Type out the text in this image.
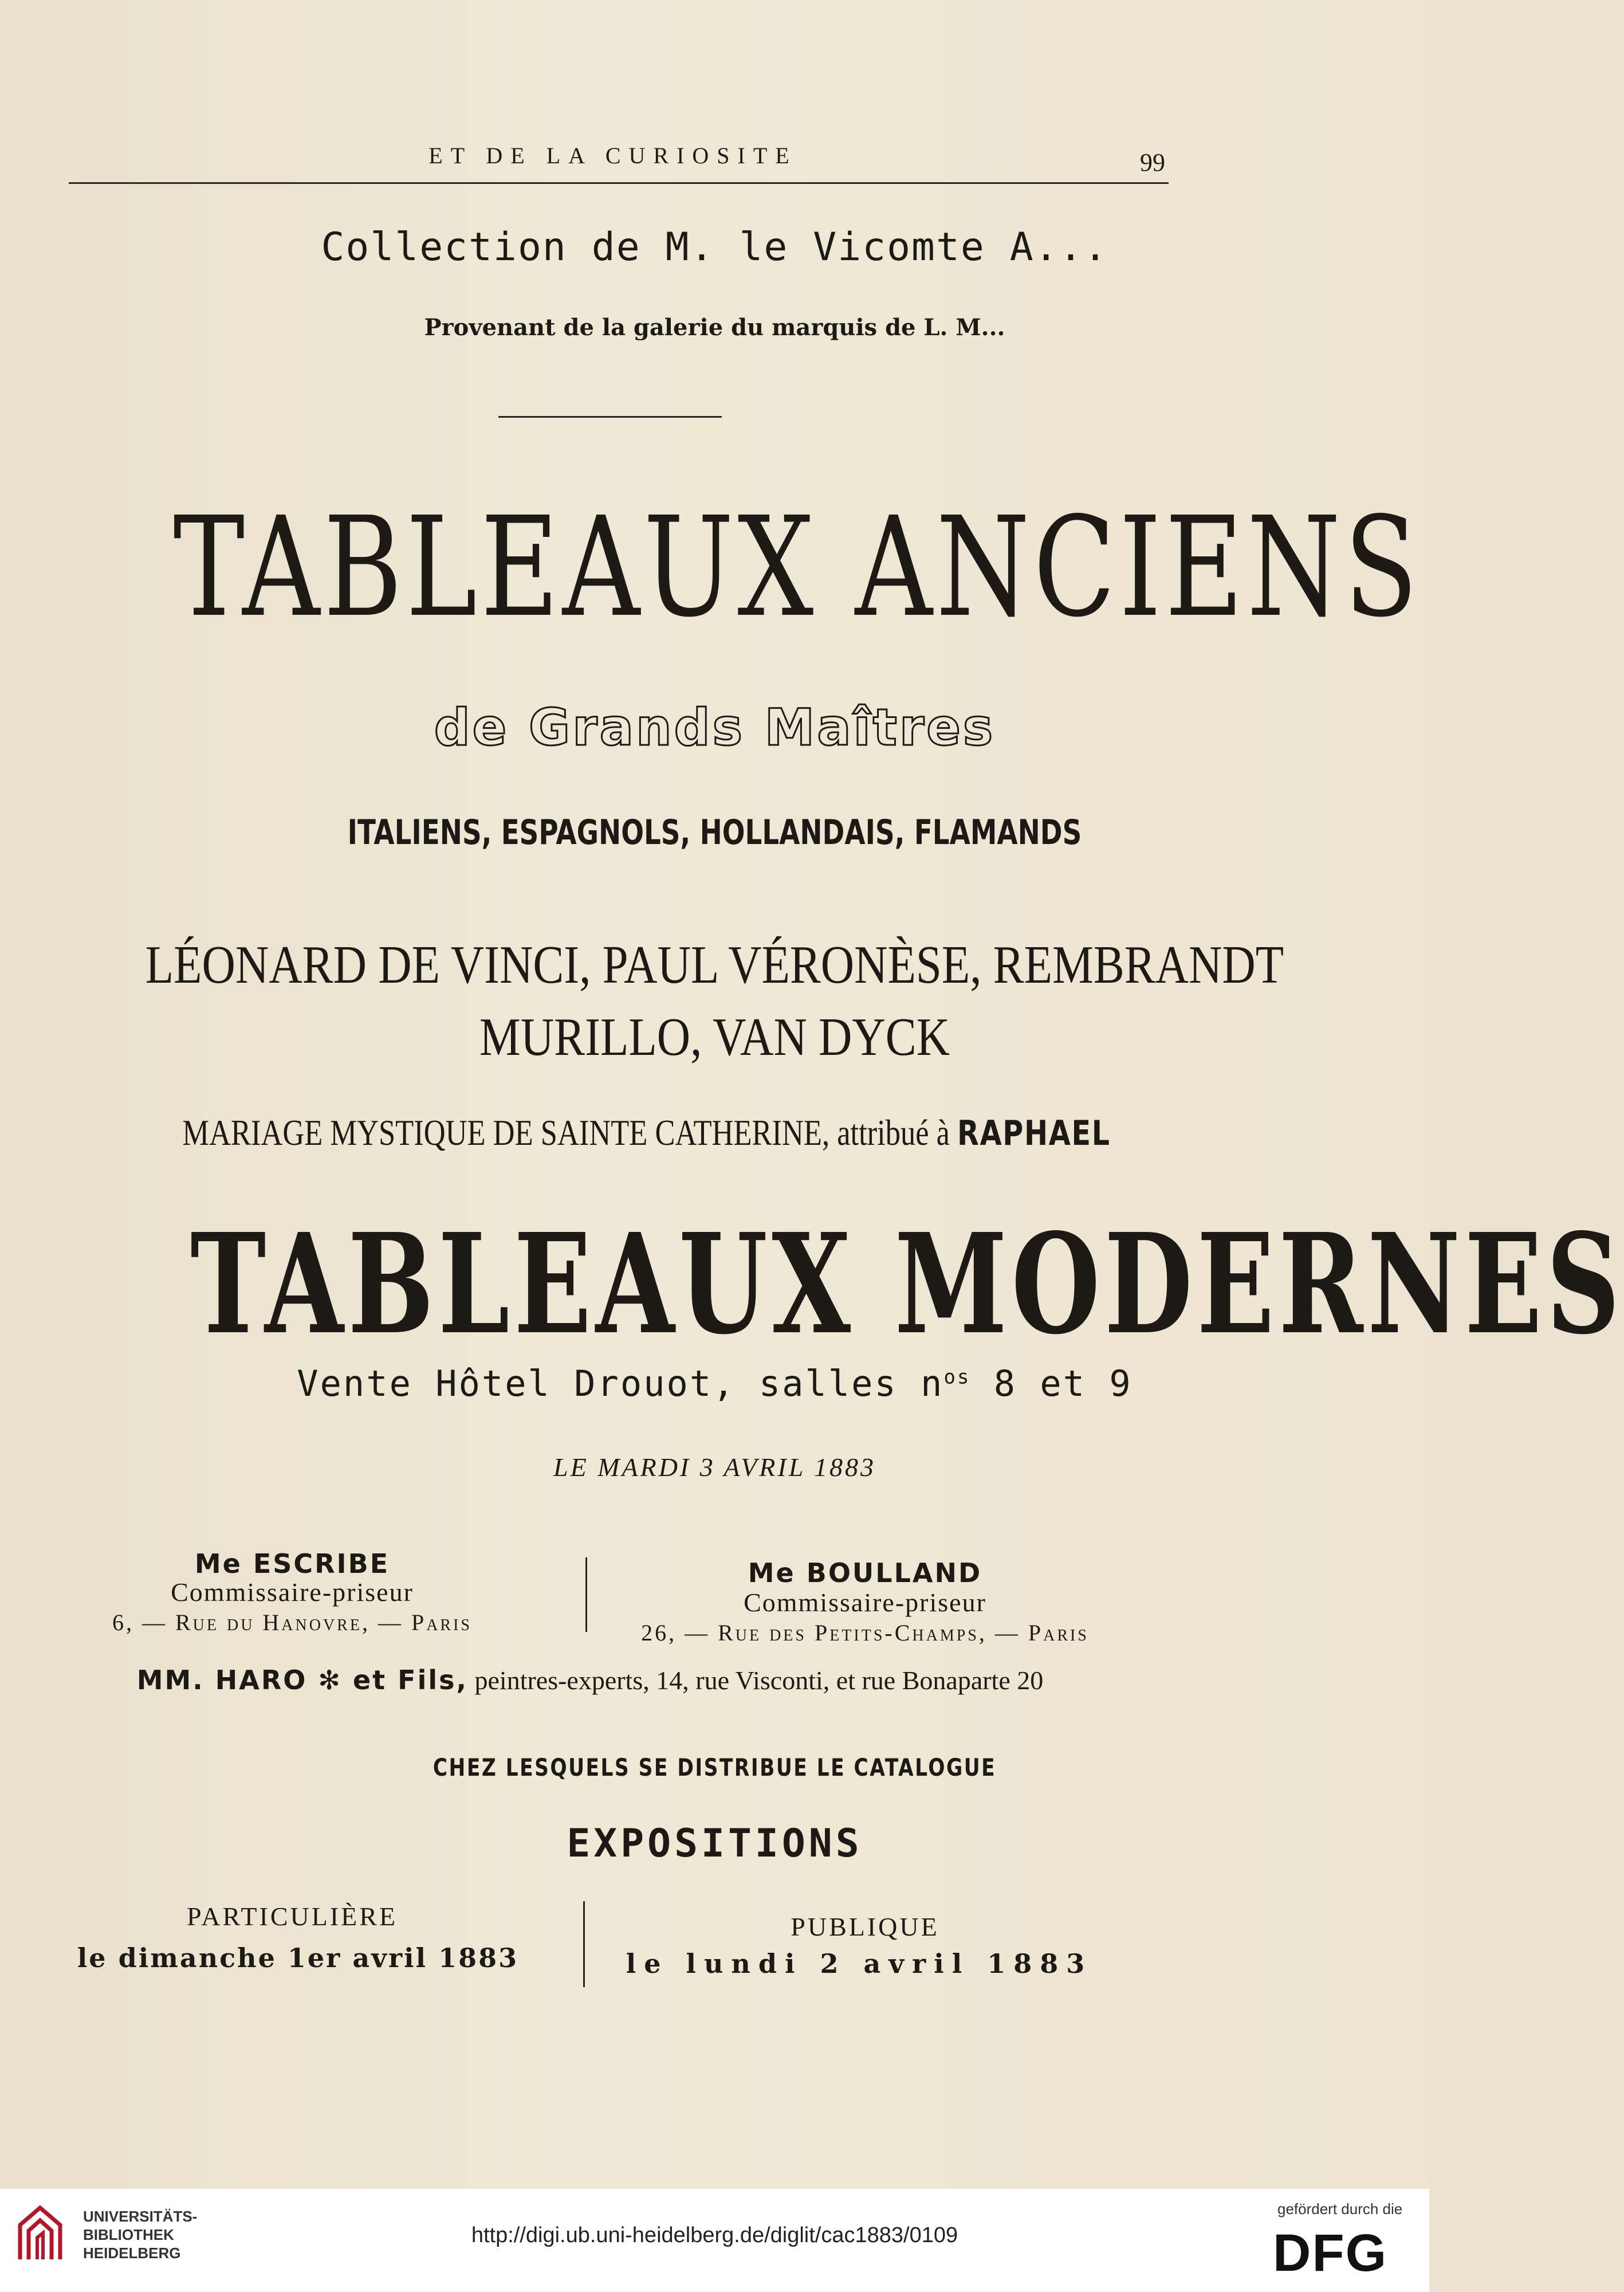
ET DE LA CURIOSITE	99
Collection de M. le Vicomte A...
Provenant de la galerie du marquis de L. M...
TABLEAUX ANCIENS
de Grands Maîtres
ITALIENS, ESPAGNOLS, HOLLANDAIS, FLAMANDS
LÉONARD DE VINCI, PAUL VÉRONÈSE, REMBRANDT
MURILLO, VAN DYCK
MARIAGE MYSTIQUE DE SAINTE CATHERINE, attribué à RAPHAEL
TABLEAUX MODERNES
Vente Hôtel Drouot, salles $n^{os}$ 8 et 9
LE MARDI 3 AVRIL 1883
Me ESCRIBE
Commissaire-priseur
6, — Rue du Hanovre, — Paris
Me BOULLAND
Commissaire-priseur
26, — Rue des Petits-Champs, — Paris
MM. HARO ✻ et Fils, peintres-experts, 14, rue Visconti, et rue Bonaparte 20
CHEZ LESQUELS SE DISTRIBUE LE CATALOGUE
EXPOSITIONS
PARTICULIÈRE
le dimanche 1er avril 1883
PUBLIQUE
le lundi 2 avril 1883
UNIVERSITÄTS-
BIBLIOTHEK
HEIDELBERG
http://digi.ub.uni-heidelberg.de/diglit/cac1883/0109
gefördert durch die
DFG
